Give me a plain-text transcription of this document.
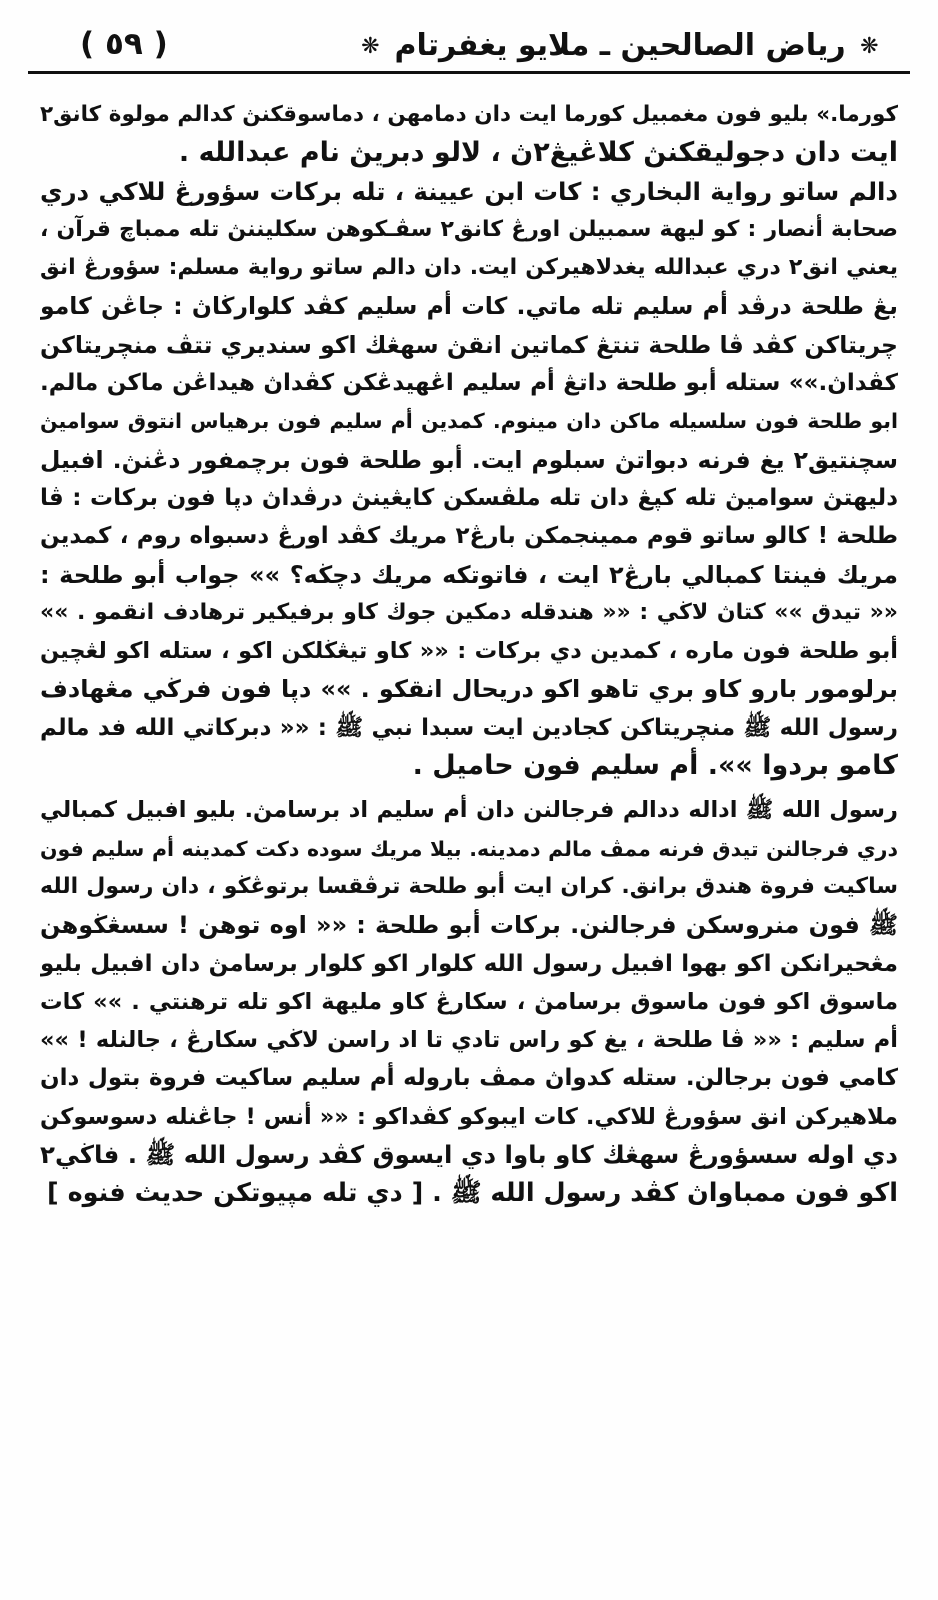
❋ رياض الصالحين ـ ملايو يغفرتام ❋
( ٥٩ )
كورما.» بليو فون مغمبيل كورما ايت دان دمامهن ، دماسوقكنڽ كدالم مولوة كانق٢
ايت دان دجوليقكنڽ كلاڠيڠ٢ڽ ، لالو دبريڽ نام عبدالله .
دالم ساتو رواية البخاري : كات ابن عيينة ، تله بركات سؤورڠ للاكي دري
صحابة أنصار : كو ليهة سمبيلن اورڠ كانق٢ سڤـكوهن سكليننڽ تله ممباچ قرآن ،
يعني انق٢ دري عبدالله يغدلاهيركن ايت. دان دالم ساتو رواية مسلم: سؤورڠ انق
بڠ طلحة درڤد أم سليم تله ماتي. كات أم سليم كڤد كلوارڬاڽ : جاڠن كامو
چريتاكن كڤد ڤا طلحة تنتڠ كماتين انقڽ سهڠڬ اكو سنديري تتڤ منچريتاكن
كڤداڽ.»» ستله أبو طلحة داتڠ أم سليم اڠهيدڠكن كڤداڽ هيداڠن ماكن مالم.
ابو طلحة فون سلسيله ماكن دان مينوم. كمدين أم سليم فون برهياس انتوق سواميڽ
سچنتيق٢ يغ فرنه دبواتڽ سبلوم ايت. أبو طلحة فون برچمفور دڠنڽ. افبيل
دليهتڽ سواميڽ تله كڽڠ دان تله ملڤسكن كايڠينڽ درڤداڽ دڽا فون بركات : ڤا
طلحة ! كالو ساتو قوم ممينجمكن بارڠ٢ مريك كڤد اورڠ دسبواه روم ، كمدين
مريك فينتا كمبالي بارڠ٢ ايت ، فاتوتكه مريك دچڬه؟ »» جواب أبو طلحة :
«« تيدق »» كتاڽ لاڬي : «« هندقله دمكين جوڬ كاو برفيكير ترهادف انقمو . »»
أبو طلحة فون ماره ، كمدين دي بركات : «« كاو تيڠڬلكن اكو ، ستله اكو لڠچين
برلومور بارو كاو بري تاهو اكو دريحال انقكو . »» دڽا فون فرڬي مڠهادف
رسول الله ﷺ منچريتاكن كجادين ايت سبدا نبي ﷺ : «« دبركاتي الله فد مالم
كامو بردوا »». أم سليم فون حاميل .
رسول الله ﷺ اداله ددالم فرجالنن دان أم سليم اد برسامڽ. بليو افبيل كمبالي
دري فرجالنن تيدق فرنه ممڤ مالم دمدينه. بيلا مريك سوده دكت كمدينه أم سليم فون
ساكيت فروة هندق برانق. كران ايت أبو طلحة ترڤقسا برتوڠڬو ، دان رسول الله
ﷺ فون منروسكن فرجالنن. بركات أبو طلحة : «« اوه توهن ! سسڠڬوهن
مڠحيرانكن اكو بهوا افبيل رسول الله كلوار اكو كلوار برسامڽ دان افبيل بليو
ماسوق اكو فون ماسوق برسامڽ ، سكارڠ كاو مليهة اكو تله ترهنتي . »» كات
أم سليم : «« ڤا طلحة ، يغ كو راس تادي تا اد راسن لاڬي سكارڠ ، جالنله ! »»
كامي فون برجالن. ستله كدواڽ ممڤ باروله أم سليم ساكيت فروة بتول دان
ملاهيركن انق سؤورڠ للاكي. كات ايبوكو كڤداكو : «« أنس ! جاڠنله دسوسوكن
دي اوله سسؤورڠ سهڠڬ كاو باوا دي ايسوق كڤد رسول الله ﷺ . فاڬي٢
اكو فون ممباواڽ كڤد رسول الله ﷺ . [ دي تله مپيوتكن حديث فنوه ]
